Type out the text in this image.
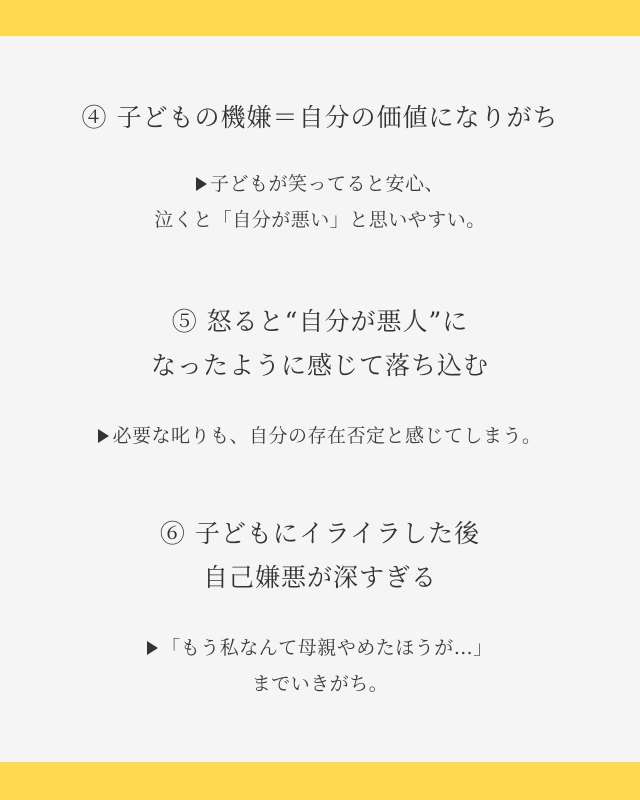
④ 子どもの機嫌＝自分の価値になりがち
子どもが笑ってると安心、
泣くと「自分が悪い」と思いやすい。
⑤ 怒ると“自分が悪人”に
なったように感じて落ち込む
必要な叱りも、自分の存在否定と感じてしまう。
⑥ 子どもにイライラした後
自己嫌悪が深すぎる
「もう私なんて母親やめたほうが…」
までいきがち。
